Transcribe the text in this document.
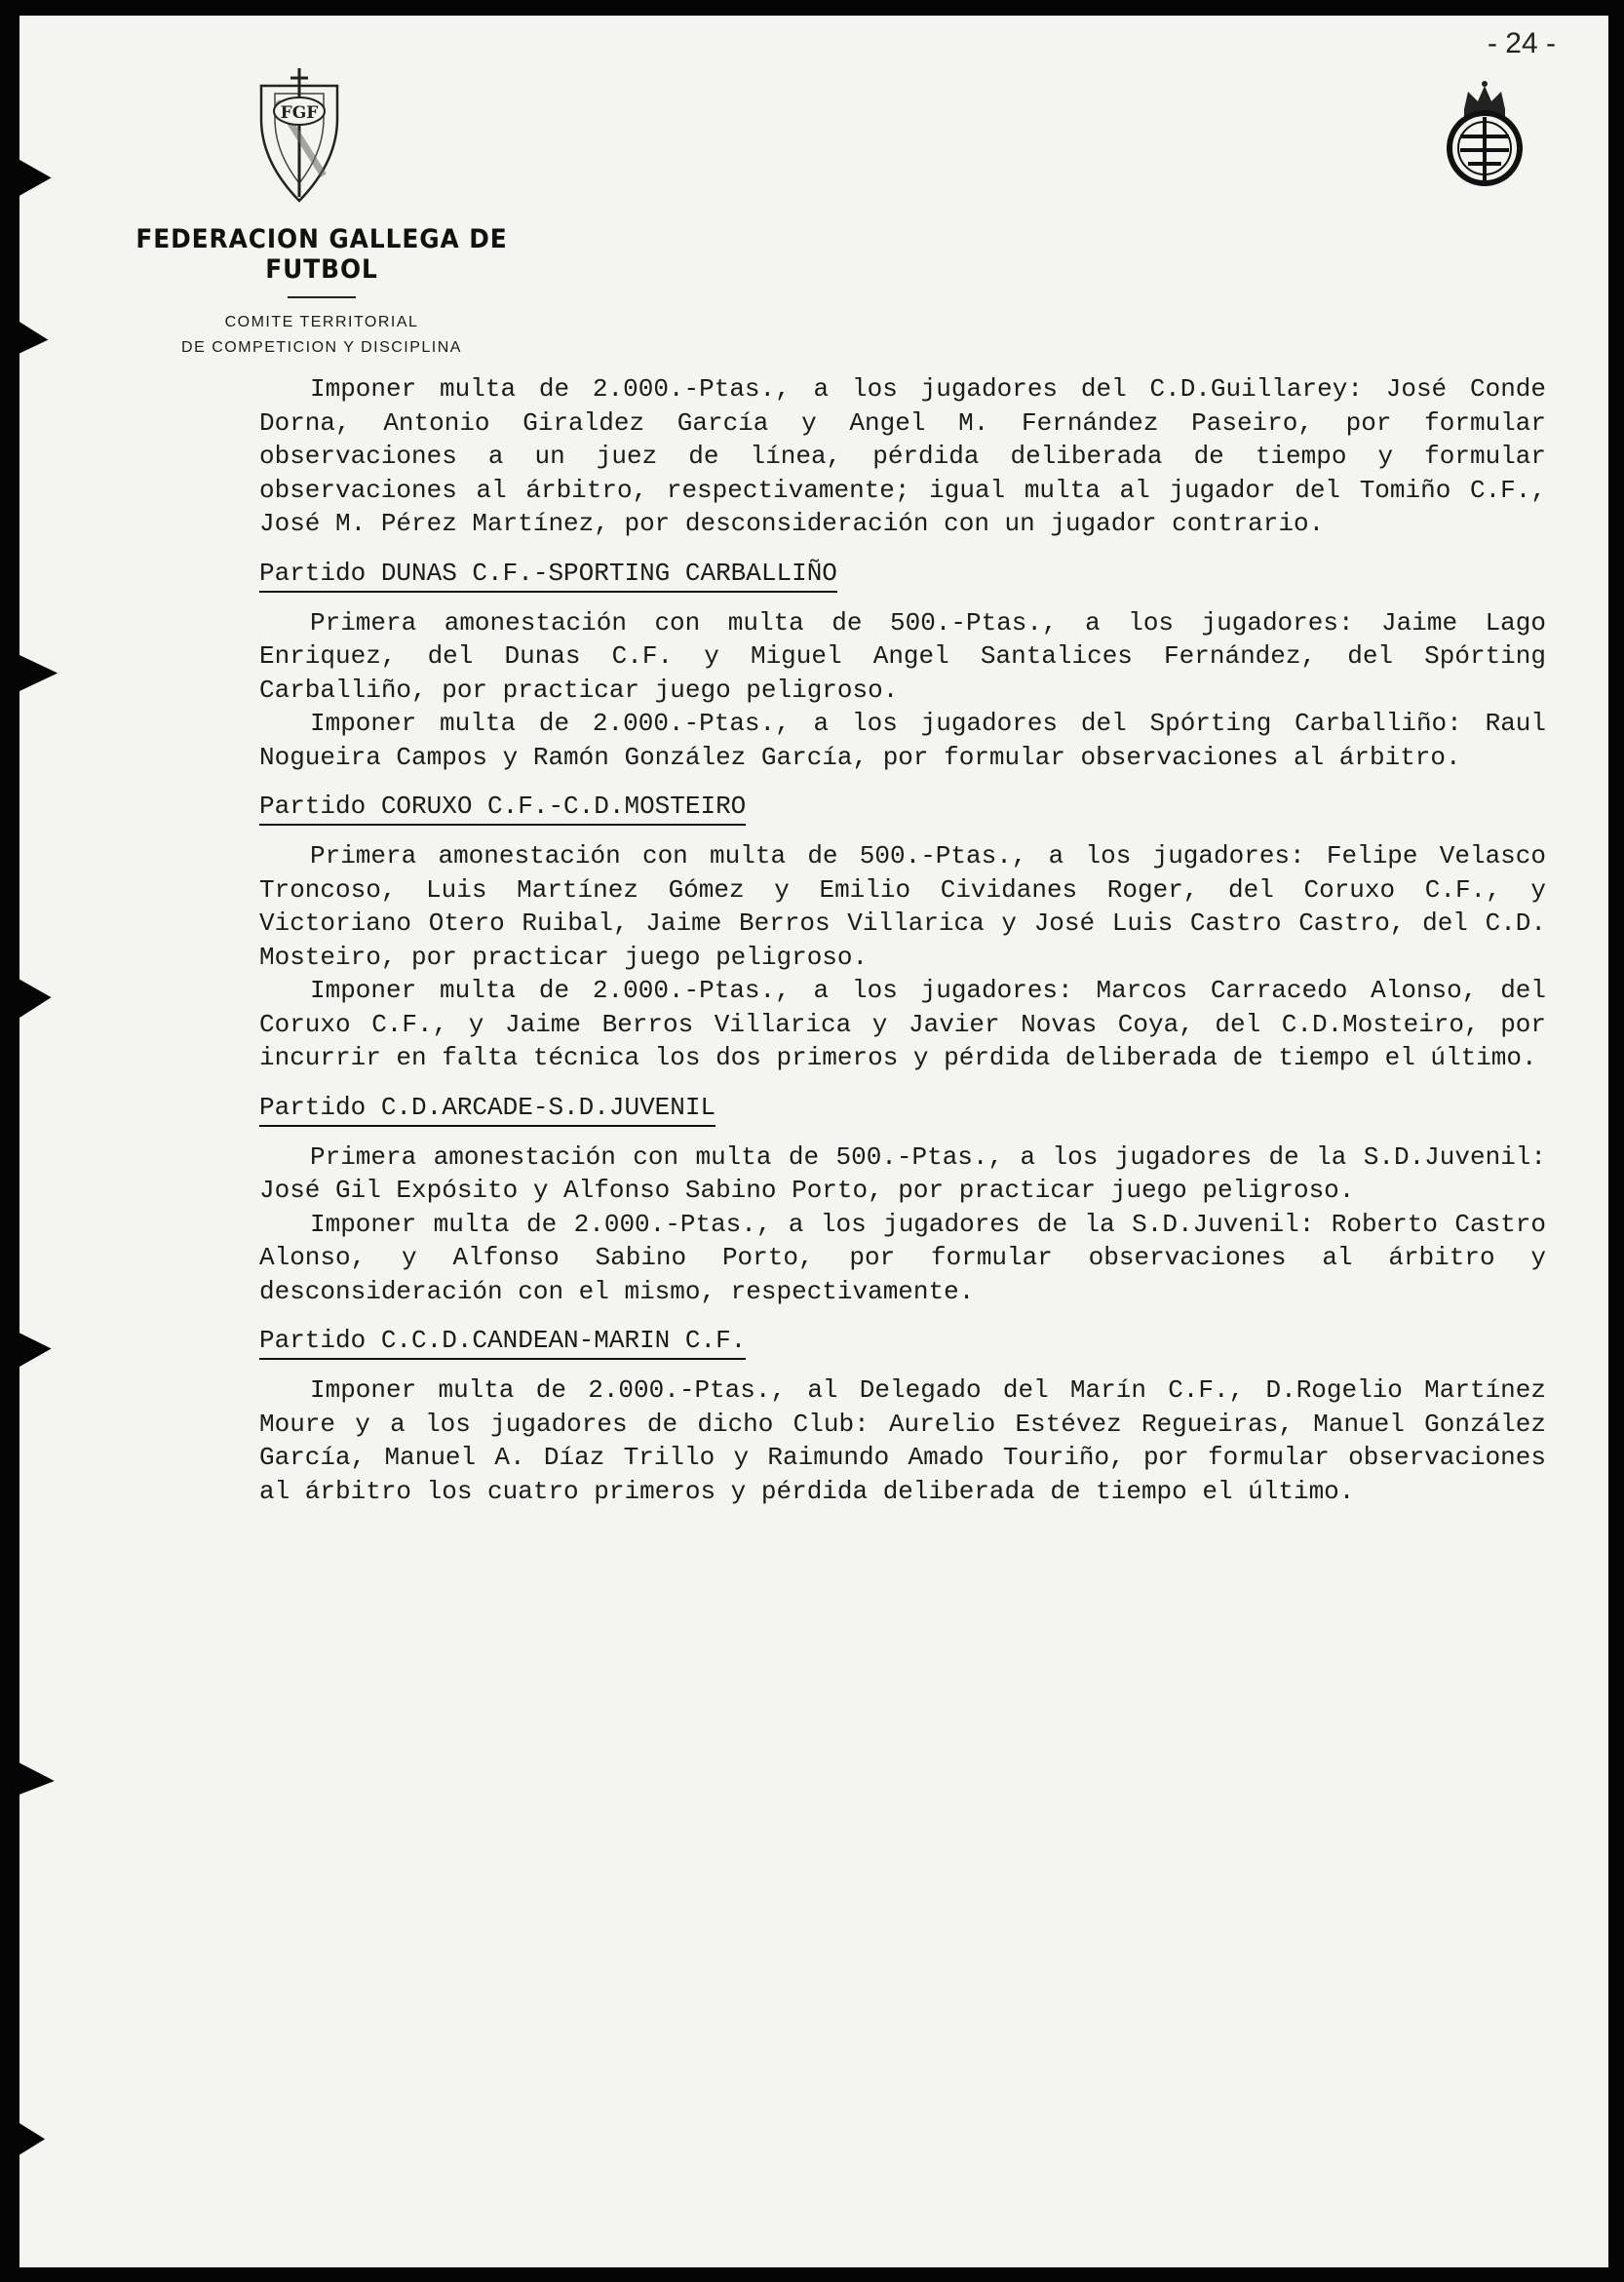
- 24 -
FGF
FEDERACION GALLEGA DE FUTBOL
COMITE TERRITORIAL
DE COMPETICION Y DISCIPLINA

Imponer multa de 2.000.-Ptas., a los jugadores del C.D.Guillarey: José Conde Dorna, Antonio Giraldez García y Angel M. Fernández Paseiro, por formular observaciones a un juez de línea, pérdida deliberada de tiempo y formular observaciones al árbitro, respectivamente; igual multa al jugador del Tomiño C.F., José M. Pérez Martínez, por desconsideración con un jugador contrario.

Partido DUNAS C.F.-SPORTING CARBALLIÑO

Primera amonestación con multa de 500.-Ptas., a los jugadores: Jaime Lago Enriquez, del Dunas C.F. y Miguel Angel Santalices Fernández, del Spórting Carballiño, por practicar juego peligroso.

Imponer multa de 2.000.-Ptas., a los jugadores del Spórting Carballiño: Raul Nogueira Campos y Ramón González García, por formular observaciones al árbitro.

Partido CORUXO C.F.-C.D.MOSTEIRO

Primera amonestación con multa de 500.-Ptas., a los jugadores: Felipe Velasco Troncoso, Luis Martínez Gómez y Emilio Cividanes Roger, del Coruxo C.F., y Victoriano Otero Ruibal, Jaime Berros Villarica y José Luis Castro Castro, del C.D. Mosteiro, por practicar juego peligroso.

Imponer multa de 2.000.-Ptas., a los jugadores: Marcos Carracedo Alonso, del Coruxo C.F., y Jaime Berros Villarica y Javier Novas Coya, del C.D.Mosteiro, por incurrir en falta técnica los dos primeros y pérdida deliberada de tiempo el último.

Partido C.D.ARCADE-S.D.JUVENIL

Primera amonestación con multa de 500.-Ptas., a los jugadores de la S.D.Juvenil: José Gil Expósito y Alfonso Sabino Porto, por practicar juego peligroso.

Imponer multa de 2.000.-Ptas., a los jugadores de la S.D.Juvenil: Roberto Castro Alonso, y Alfonso Sabino Porto, por formular observaciones al árbitro y desconsideración con el mismo, respectivamente.

Partido C.C.D.CANDEAN-MARIN C.F.

Imponer multa de 2.000.-Ptas., al Delegado del Marín C.F., D.Rogelio Martínez Moure y a los jugadores de dicho Club: Aurelio Estévez Regueiras, Manuel González García, Manuel A. Díaz Trillo y Raimundo Amado Touriño, por formular observaciones al árbitro los cuatro primeros y pérdida deliberada de tiempo el último.
